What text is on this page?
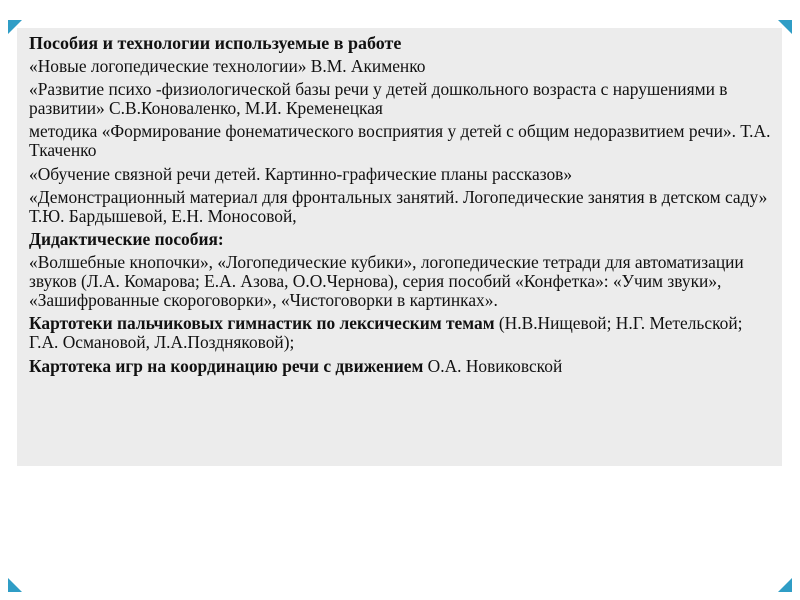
Пособия и технологии используемые в работе
«Новые логопедические технологии» В.М. Акименко
«Развитие психо -физиологической базы речи у детей дошкольного возраста с нарушениями в развитии» С.В.Коноваленко, М.И. Кременецкая
методика «Формирование фонематического восприятия у детей с общим недоразвитием речи». Т.А. Ткаченко
«Обучение связной речи детей. Картинно-графические планы рассказов»
«Демонстрационный материал для фронтальных занятий. Логопедические занятия в детском саду» Т.Ю. Бардышевой, Е.Н. Моносовой,
Дидактические пособия:
«Волшебные кнопочки», «Логопедические кубики», логопедические тетради для автоматизации звуков (Л.А. Комарова; Е.А. Азова, О.О.Чернова), серия пособий «Конфетка»: «Учим звуки», «Зашифрованные скороговорки», «Чистоговорки в картинках».
Картотеки пальчиковых гимнастик по лексическим темам (Н.В.Нищевой; Н.Г. Метельской; Г.А. Османовой, Л.А.Поздняковой);
Картотека игр на координацию речи с движением О.А. Новиковской
